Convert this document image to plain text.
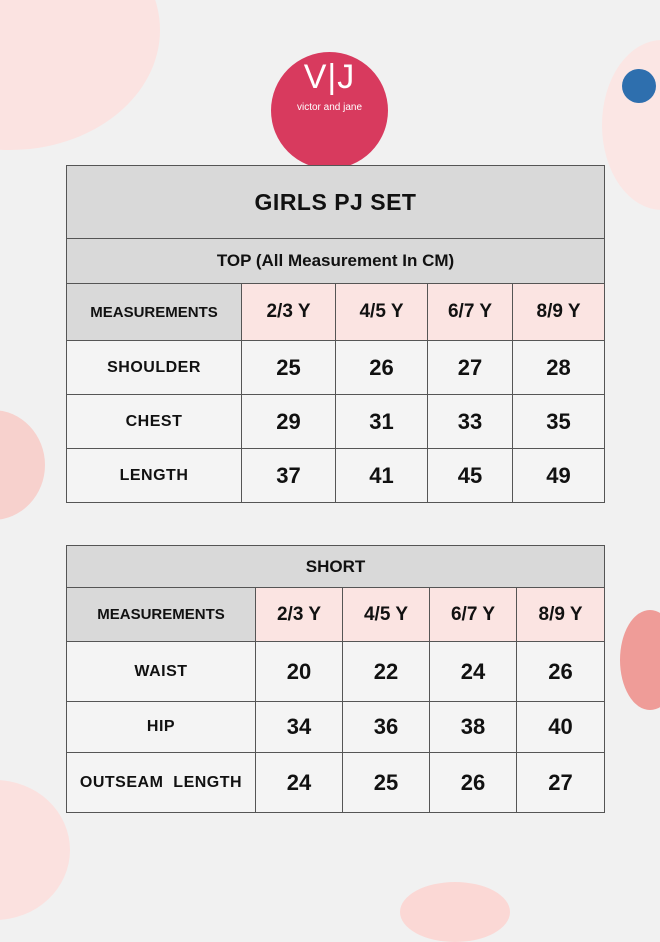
V|J
victor and jane
GIRLS PJ SET				
TOP (All Measurement In CM)				
MEASUREMENTS	2/3 Y	4/5 Y	6/7 Y	8/9 Y
SHOULDER	25	26	27	28
CHEST	29	31	33	35
LENGTH	37	41	45	49
SHORT				
MEASUREMENTS	2/3 Y	4/5 Y	6/7 Y	8/9 Y
WAIST	20	22	24	26
HIP	34	36	38	40
OUTSEAM  LENGTH	24	25	26	27
